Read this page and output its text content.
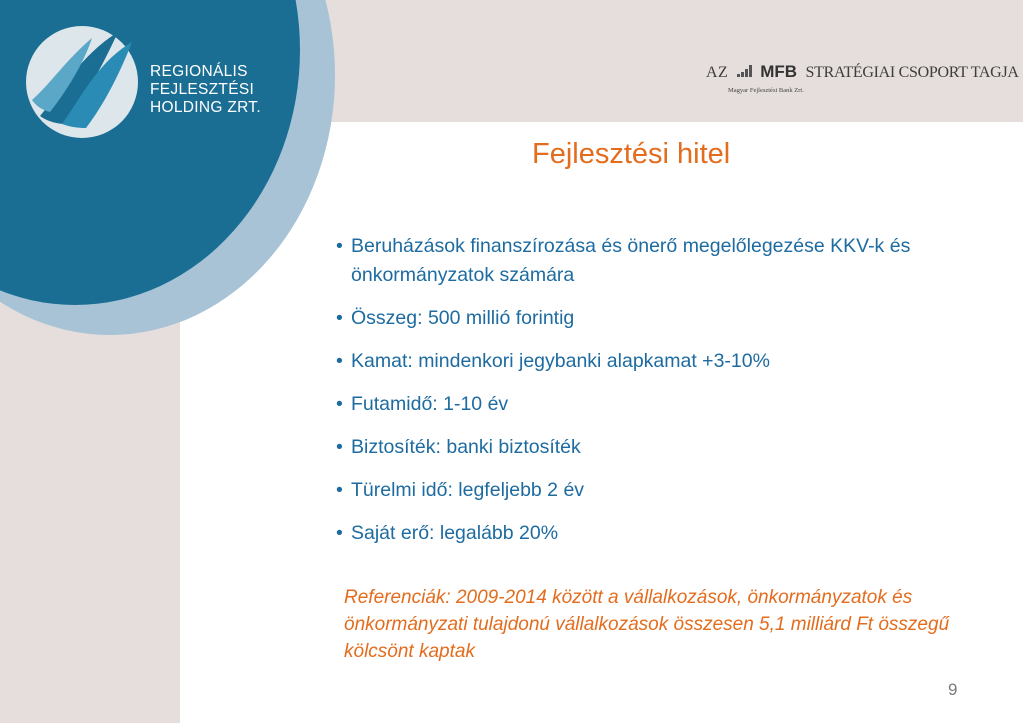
REGIONÁLIS
FEJLESZTÉSI
HOLDING ZRT.
AZ MFB STRATÉGIAI CSOPORT TAGJA
Magyar Fejlesztési Bank Zrt.
Fejlesztési hitel
• Beruházások finanszírozása és önerő megelőlegezése KKV-k és önkormányzatok számára
• Összeg: 500 millió forintig
• Kamat: mindenkori jegybanki alapkamat +3-10%
• Futamidő: 1-10 év
• Biztosíték: banki biztosíték
• Türelmi idő: legfeljebb 2 év
• Saját erő: legalább 20%

Referenciák: 2009-2014 között a vállalkozások, önkormányzatok és önkormányzati tulajdonú vállalkozások összesen 5,1 milliárd Ft összegű kölcsönt kaptak

9
